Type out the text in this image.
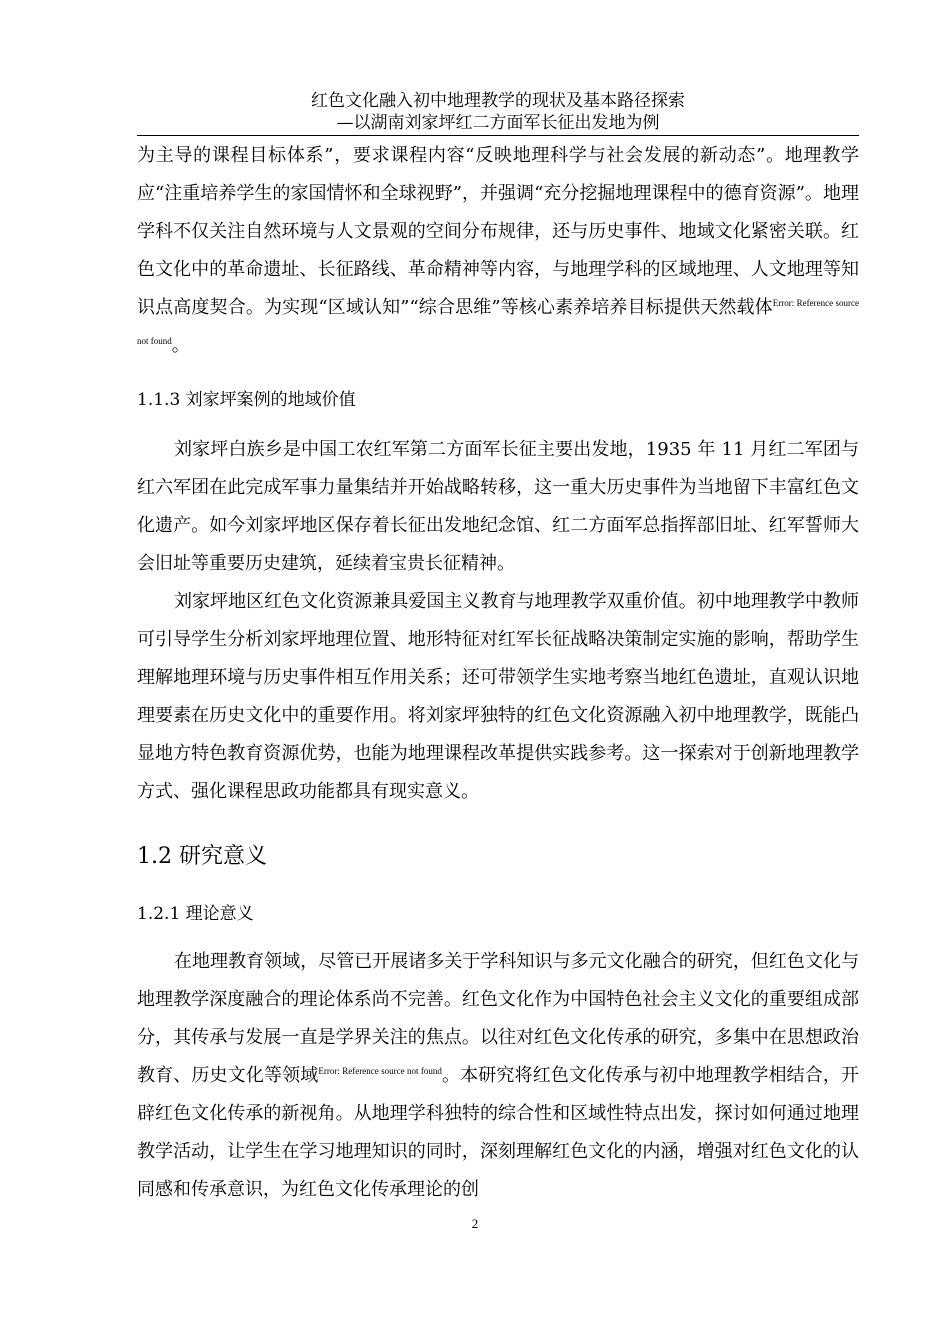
红色文化融入初中地理教学的现状及基本路径探索
—以湖南刘家坪红二方面军长征出发地为例

为主导的课程目标体系”，要求课程内容“反映地理科学与社会发展的新动态”。地理教学应“注重培养学生的家国情怀和全球视野”，并强调“充分挖掘地理课程中的德育资源”。地理学科不仅关注自然环境与人文景观的空间分布规律，还与历史事件、地域文化紧密关联。红色文化中的革命遗址、长征路线、革命精神等内容，与地理学科的区域地理、人文地理等知识点高度契合。为实现“区域认知”“综合思维”等核心素养培养目标提供天然载体$^{Error: Reference source not found}$。

1.1.3 刘家坪案例的地域价值

刘家坪白族乡是中国工农红军第二方面军长征主要出发地，1935 年 11 月红二军团与红六军团在此完成军事力量集结并开始战略转移，这一重大历史事件为当地留下丰富红色文化遗产。如今刘家坪地区保存着长征出发地纪念馆、红二方面军总指挥部旧址、红军誓师大会旧址等重要历史建筑，延续着宝贵长征精神。

刘家坪地区红色文化资源兼具爱国主义教育与地理教学双重价值。初中地理教学中教师可引导学生分析刘家坪地理位置、地形特征对红军长征战略决策制定实施的影响，帮助学生理解地理环境与历史事件相互作用关系；还可带领学生实地考察当地红色遗址，直观认识地理要素在历史文化中的重要作用。将刘家坪独特的红色文化资源融入初中地理教学，既能凸显地方特色教育资源优势，也能为地理课程改革提供实践参考。这一探索对于创新地理教学方式、强化课程思政功能都具有现实意义。

1.2 研究意义

1.2.1 理论意义

在地理教育领域，尽管已开展诸多关于学科知识与多元文化融合的研究，但红色文化与地理教学深度融合的理论体系尚不完善。红色文化作为中国特色社会主义文化的重要组成部分，其传承与发展一直是学界关注的焦点。以往对红色文化传承的研究，多集中在思想政治教育、历史文化等领域$^{Error: Reference source not found}$。本研究将红色文化传承与初中地理教学相结合，开辟红色文化传承的新视角。从地理学科独特的综合性和区域性特点出发，探讨如何通过地理教学活动，让学生在学习地理知识的同时，深刻理解红色文化的内涵，增强对红色文化的认同感和传承意识，为红色文化传承理论的创

2
